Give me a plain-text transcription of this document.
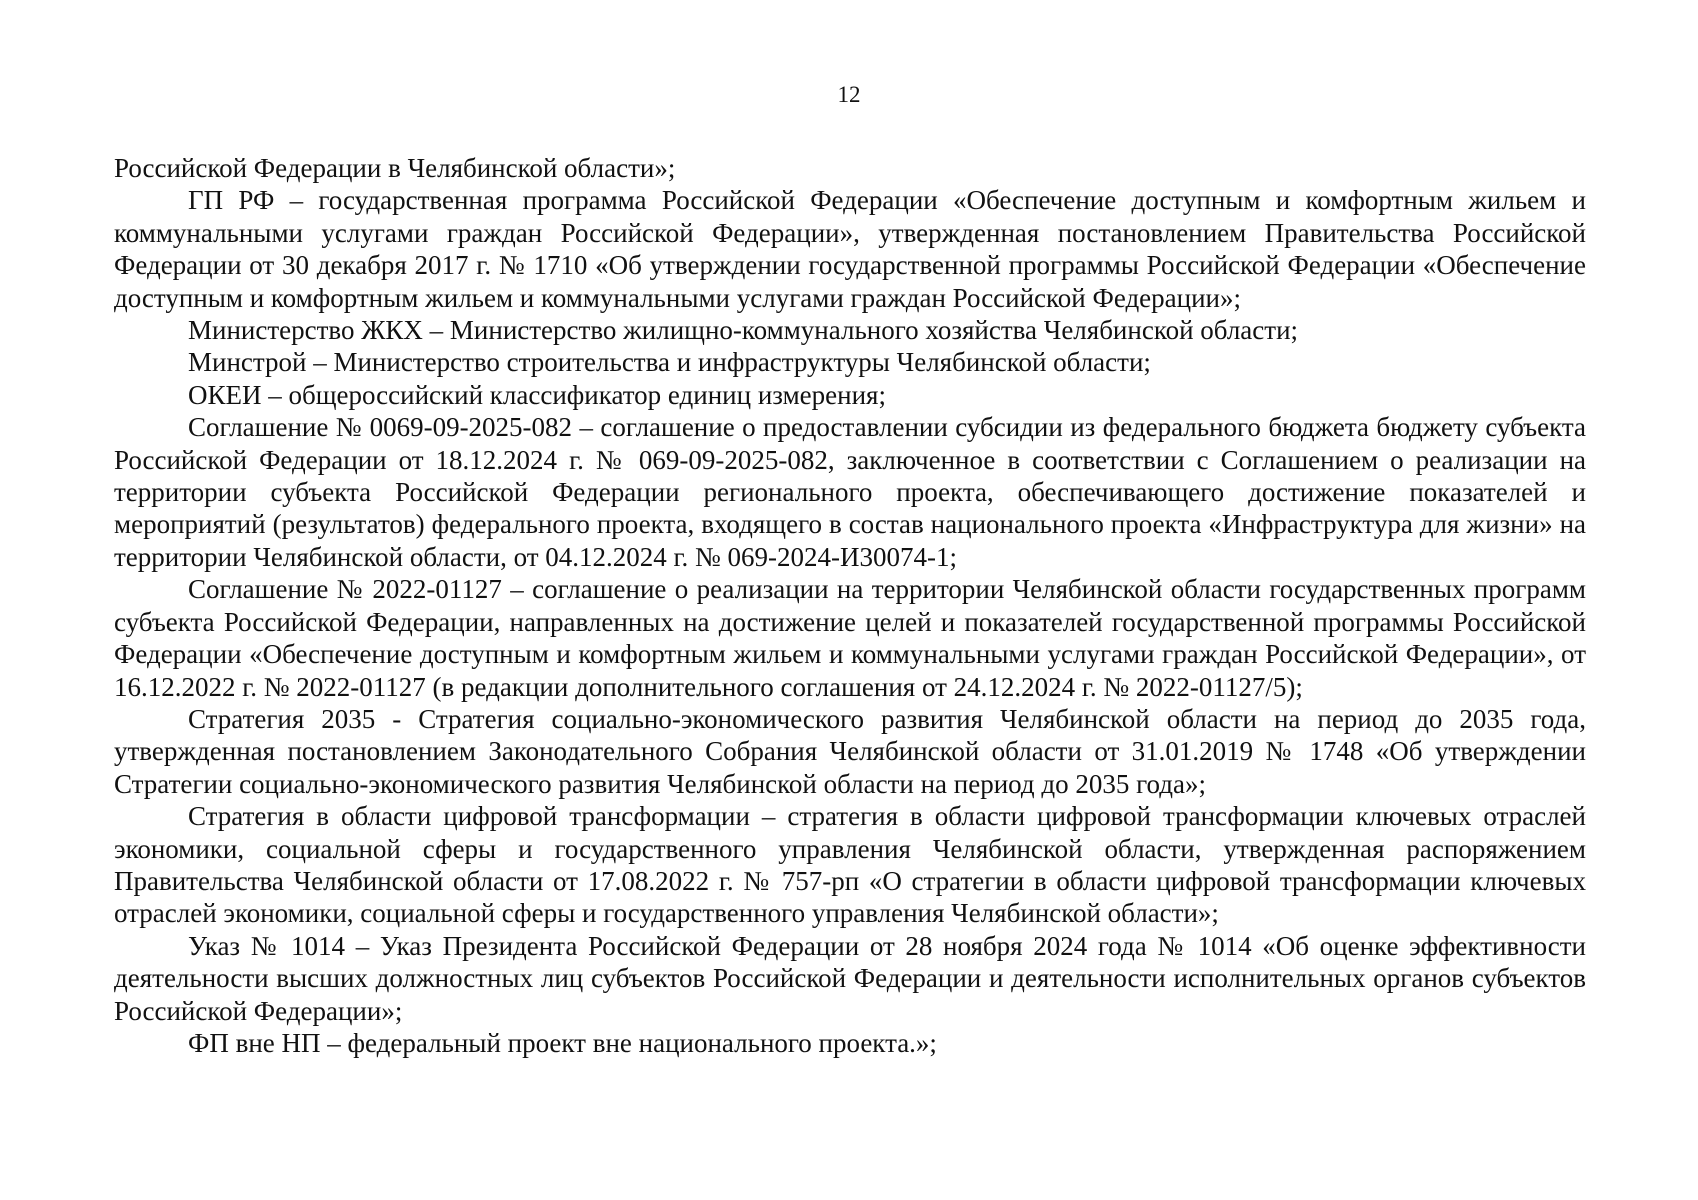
12

Российской Федерации в Челябинской области»;

ГП РФ – государственная программа Российской Федерации «Обеспечение доступным и комфортным жильем и коммунальными услугами граждан Российской Федерации», утвержденная постановлением Правительства Российской Федерации от 30 декабря 2017 г. № 1710 «Об утверждении государственной программы Российской Федерации «Обеспечение доступным и комфортным жильем и коммунальными услугами граждан Российской Федерации»;

Министерство ЖКХ – Министерство жилищно-коммунального хозяйства Челябинской области;

Минстрой – Министерство строительства и инфраструктуры Челябинской области;

ОКЕИ – общероссийский классификатор единиц измерения;

Соглашение № 0069-09-2025-082 – соглашение о предоставлении субсидии из федерального бюджета бюджету субъекта Российской Федерации от 18.12.2024 г. № 069-09-2025-082, заключенное в соответствии с Соглашением о реализации на территории субъекта Российской Федерации регионального проекта, обеспечивающего достижение показателей и мероприятий (результатов) федерального проекта, входящего в состав национального проекта «Инфраструктура для жизни» на территории Челябинской области, от 04.12.2024 г. № 069-2024-И30074-1;

Соглашение № 2022-01127 – соглашение о реализации на территории Челябинской области государственных программ субъекта Российской Федерации, направленных на достижение целей и показателей государственной программы Российской Федерации «Обеспечение доступным и комфортным жильем и коммунальными услугами граждан Российской Федерации», от 16.12.2022 г. № 2022-01127 (в редакции дополнительного соглашения от 24.12.2024 г. № 2022-01127/5);

Стратегия 2035 - Стратегия социально-экономического развития Челябинской области на период до 2035 года, утвержденная постановлением Законодательного Собрания Челябинской области от 31.01.2019 № 1748 «Об утверждении Стратегии социально-экономического развития Челябинской области на период до 2035 года»;

Стратегия в области цифровой трансформации – стратегия в области цифровой трансформации ключевых отраслей экономики, социальной сферы и государственного управления Челябинской области, утвержденная распоряжением Правительства Челябинской области от 17.08.2022 г. № 757-рп «О стратегии в области цифровой трансформации ключевых отраслей экономики, социальной сферы и государственного управления Челябинской области»;

Указ № 1014 – Указ Президента Российской Федерации от 28 ноября 2024 года № 1014 «Об оценке эффективности деятельности высших должностных лиц субъектов Российской Федерации и деятельности исполнительных органов субъектов Российской Федерации»;

ФП вне НП – федеральный проект вне национального проекта.»;
